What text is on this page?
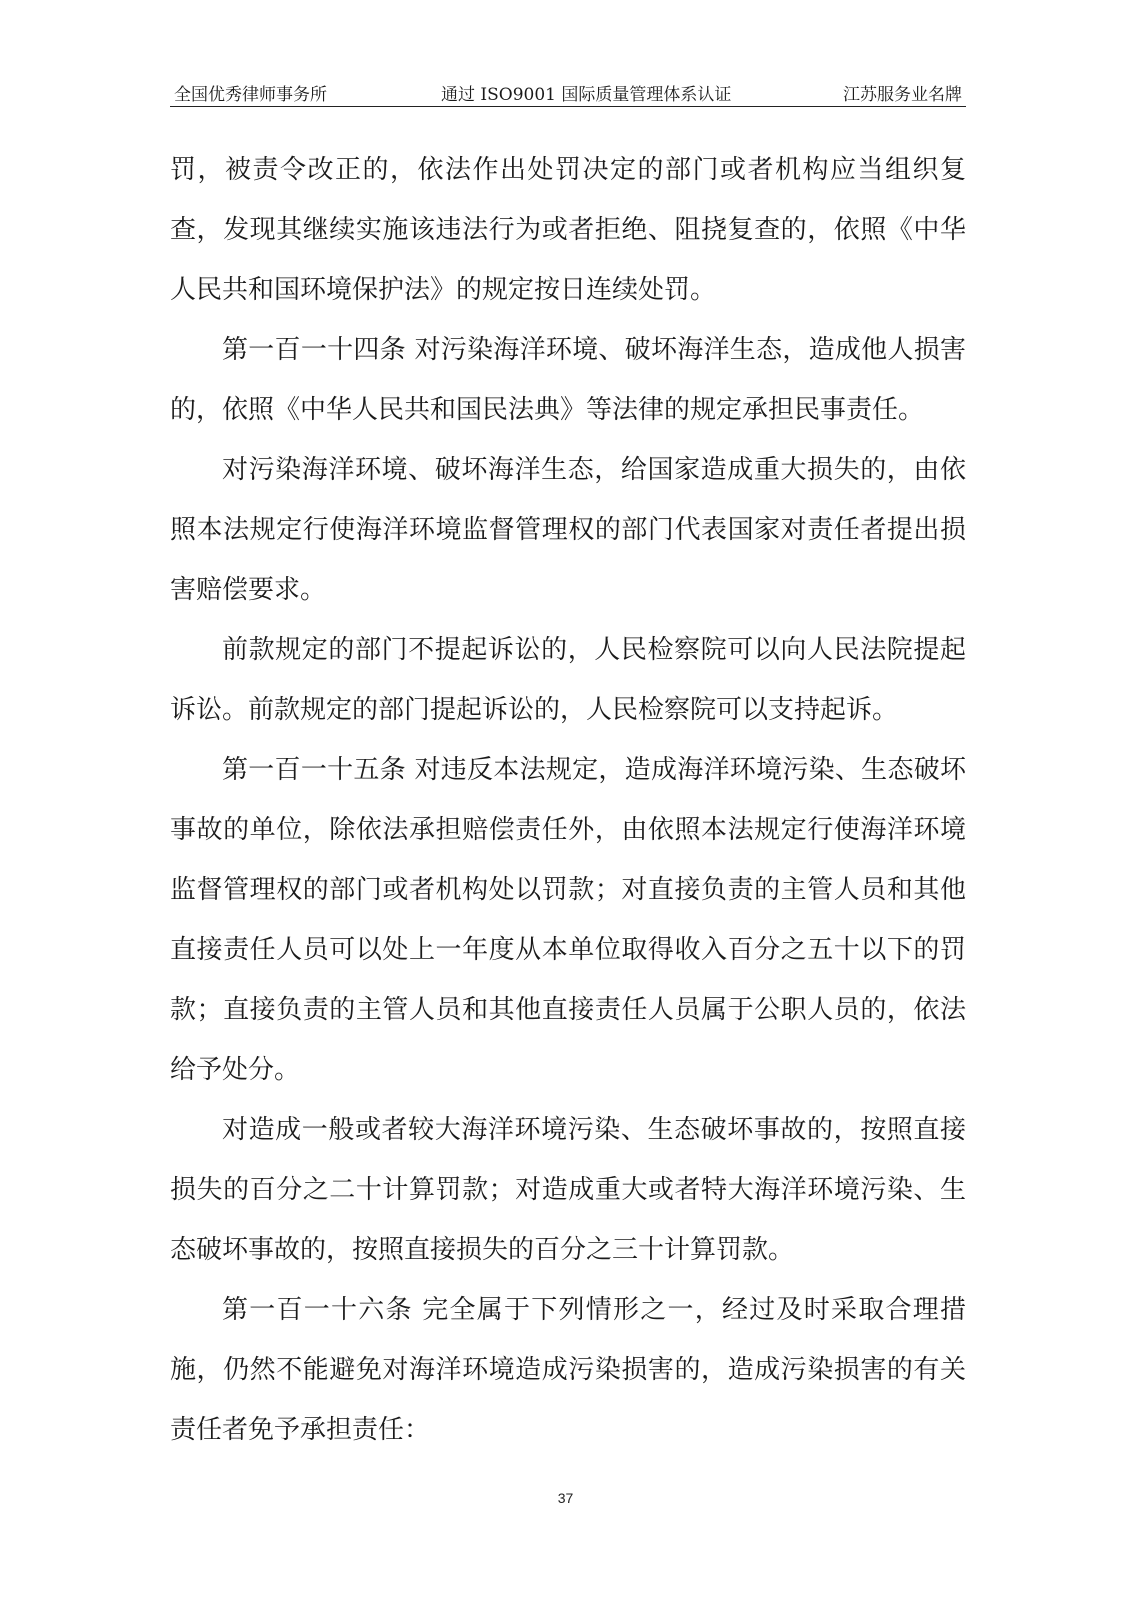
全国优秀律师事务所	通过 ISO9001 国际质量管理体系认证	江苏服务业名牌

罚，被责令改正的，依法作出处罚决定的部门或者机构应当组织复查，发现其继续实施该违法行为或者拒绝、阻挠复查的，依照《中华人民共和国环境保护法》的规定按日连续处罚。

第一百一十四条 对污染海洋环境、破坏海洋生态，造成他人损害的，依照《中华人民共和国民法典》等法律的规定承担民事责任。

对污染海洋环境、破坏海洋生态，给国家造成重大损失的，由依照本法规定行使海洋环境监督管理权的部门代表国家对责任者提出损害赔偿要求。

前款规定的部门不提起诉讼的，人民检察院可以向人民法院提起诉讼。前款规定的部门提起诉讼的，人民检察院可以支持起诉。

第一百一十五条 对违反本法规定，造成海洋环境污染、生态破坏事故的单位，除依法承担赔偿责任外，由依照本法规定行使海洋环境监督管理权的部门或者机构处以罚款；对直接负责的主管人员和其他直接责任人员可以处上一年度从本单位取得收入百分之五十以下的罚款；直接负责的主管人员和其他直接责任人员属于公职人员的，依法给予处分。

对造成一般或者较大海洋环境污染、生态破坏事故的，按照直接损失的百分之二十计算罚款；对造成重大或者特大海洋环境污染、生态破坏事故的，按照直接损失的百分之三十计算罚款。

第一百一十六条 完全属于下列情形之一，经过及时采取合理措施，仍然不能避免对海洋环境造成污染损害的，造成污染损害的有关责任者免予承担责任：

37
